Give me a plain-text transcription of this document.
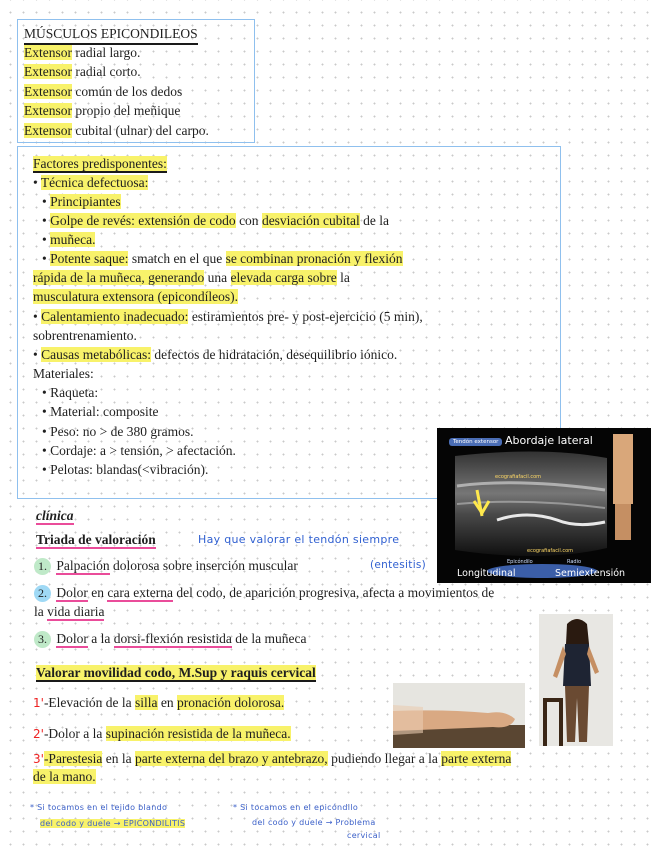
MÚSCULOS EPICONDILEOS
Extensor radial largo.
Extensor radial corto.
Extensor común de los dedos
Extensor propio del meñique
Extensor cubital (ulnar) del carpo.
Factores predisponentes:
• Técnica defectuosa:
• Principiantes
• Golpe de revés: extensión de codo con desviación cubital de la
• muñeca.
• Potente saque: smatch en el que se combinan pronación y flexión
rápida de la muñeca, generando una elevada carga sobre la
musculatura extensora (epicondíleos).
• Calentamiento inadecuado: estiramientos pre- y post-ejercicio (5 min),
sobrentrenamiento.
• Causas metabólicas: defectos de hidratación, desequilibrio iónico.
Materiales:
• Raqueta:
• Material: composite
• Peso: no > de 380 gramos.
• Cordaje: a > tensión, > afectación.
• Pelotas: blandas(<vibración).
Tendón extensor Abordaje lateral
ecografiafacil.com
ecografiafacil.com
Epicóndilo	Radio
Longitudinal	Semiextensión
clínica
Triada de valoración	Hay que valorar el tendón siempre
1. Palpación dolorosa sobre inserción muscular	(entesitis)
2. Dolor en cara externa del codo, de aparición progresiva, afecta a movimientos de
la vida diaria
3. Dolor a la dorsi-flexión resistida de la muñeca
Valorar movilidad codo, M.Sup y raquis cervical
1'-Elevación de la silla en pronación dolorosa.
2'-Dolor a la supinación resistida de la muñeca.
3'-Parestesia en la parte externa del brazo y antebrazo, pudiendo llegar a la parte externa
de la mano.
* Si tocamos en el tejido blando
del codo y duele → EPICONDILITIS
* Si tocamos en el epicóndilo
del codo y duele → Problema
cervical
